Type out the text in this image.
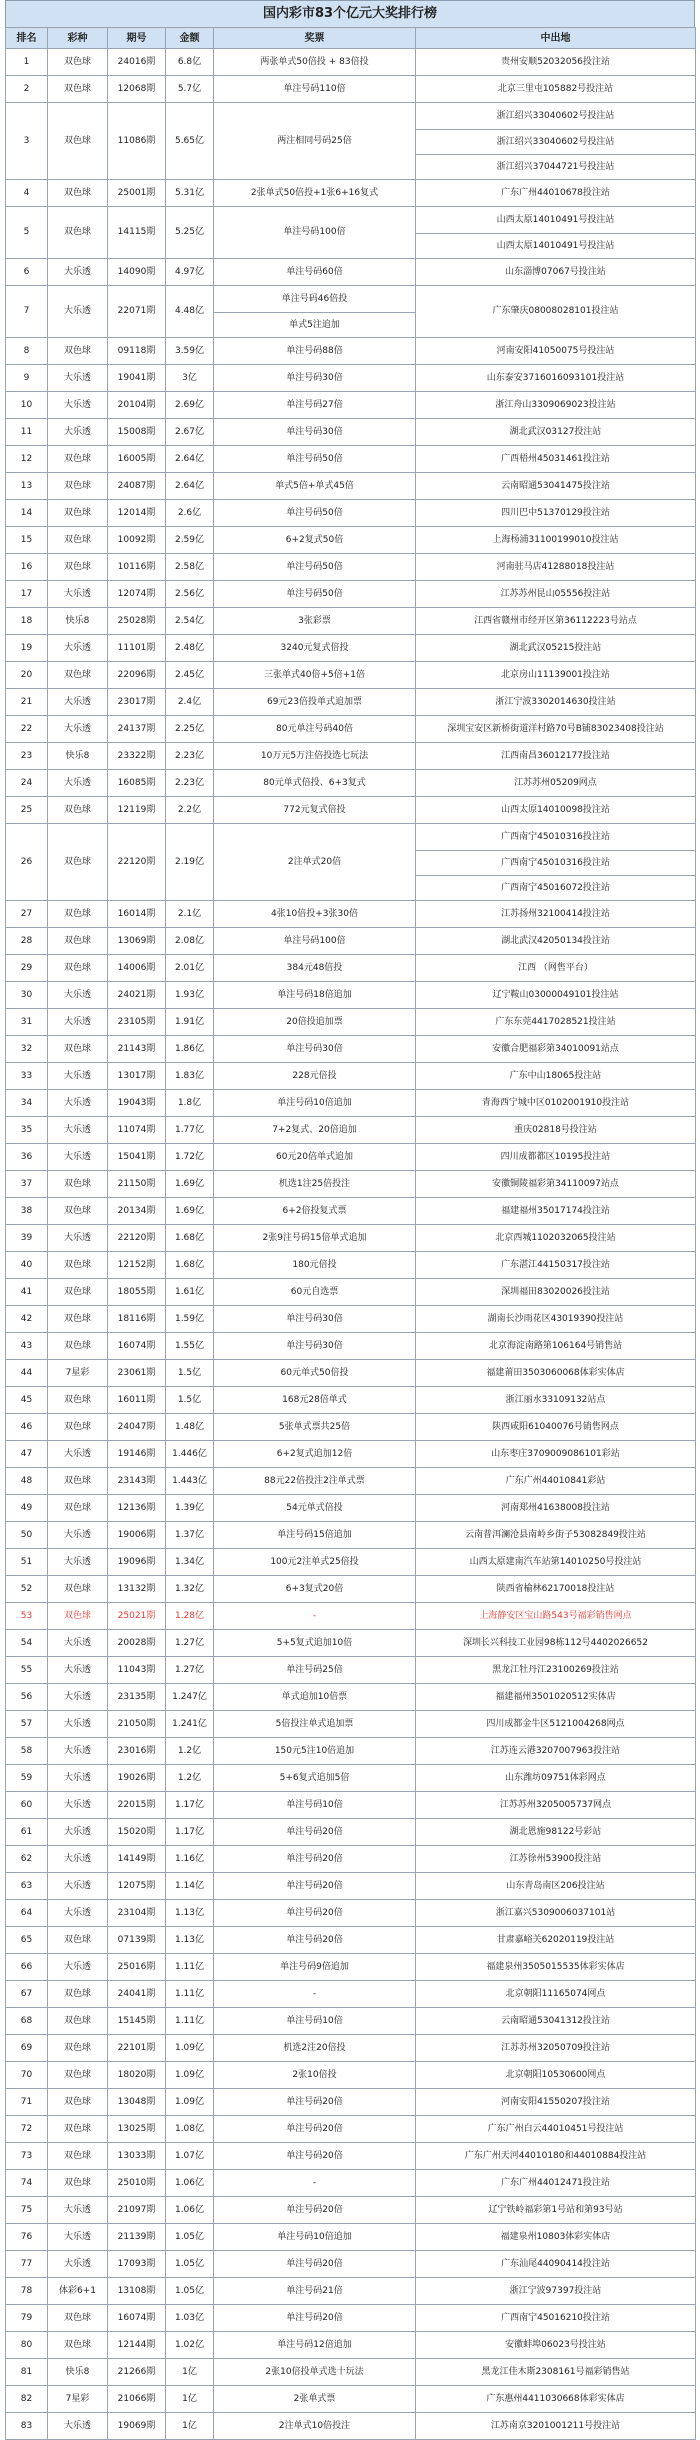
国内彩市83个亿元大奖排行榜
排名	彩种	期号	金额	奖票	中出地
1	双色球	24016期	6.8亿	两张单式50倍投 + 83倍投	贵州安顺52032056投注站
2	双色球	12068期	5.7亿	单注号码110倍	北京三里屯105882号投注站
3	双色球	11086期	5.65亿	两注相同号码25倍	浙江绍兴33040602号投注站
					浙江绍兴33040602号投注站
					浙江绍兴37044721号投注站
4	双色球	25001期	5.31亿	2张单式50倍投+1张6+16复式	广东广州44010678投注站
5	双色球	14115期	5.25亿	单注号码100倍	山西太原14010491号投注站
					山西太原14010491号投注站
6	大乐透	14090期	4.97亿	单注号码60倍	山东淄博07067号投注站
7	大乐透	22071期	4.48亿	单注号码46倍投	广东肇庆08008028101投注站
				单式5注追加	
8	双色球	09118期	3.59亿	单注号码88倍	河南安阳41050075号投注站
9	大乐透	19041期	3亿	单注号码30倍	山东泰安3716016093101投注站
10	大乐透	20104期	2.69亿	单注号码27倍	浙江舟山3309069023投注站
11	大乐透	15008期	2.67亿	单注号码30倍	湖北武汉03127投注站
12	双色球	16005期	2.64亿	单注号码50倍	广西梧州45031461投注站
13	双色球	24087期	2.64亿	单式5倍+单式45倍	云南昭通53041475投注站
14	双色球	12014期	2.6亿	单注号码50倍	四川巴中51370129投注站
15	双色球	10092期	2.59亿	6+2复式50倍	上海杨浦31100199010投注站
16	双色球	10116期	2.58亿	单注号码50倍	河南驻马店41288018投注站
17	大乐透	12074期	2.56亿	单注号码50倍	江苏苏州昆山05556投注站
18	快乐8	25028期	2.54亿	3张彩票	江西省赣州市经开区第36112223号站点
19	大乐透	11101期	2.48亿	3240元复式倍投	湖北武汉05215投注站
20	双色球	22096期	2.45亿	三张单式40倍+5倍+1倍	北京房山11139001投注站
21	大乐透	23017期	2.4亿	69元23倍投单式追加票	浙江宁波3302014630投注站
22	大乐透	24137期	2.25亿	80元单注号码40倍	深圳宝安区新桥街道洋村路70号B铺83023408投注站
23	快乐8	23322期	2.23亿	10万元5万注倍投选七玩法	江西南昌36012177投注站
24	大乐透	16085期	2.23亿	80元单式倍投、6+3复式	江苏苏州05209网点
25	双色球	12119期	2.2亿	772元复式倍投	山西太原14010098投注站
26	双色球	22120期	2.19亿	2注单式20倍	广西南宁45010316投注站
					广西南宁45010316投注站
					广西南宁45016072投注站
27	双色球	16014期	2.1亿	4张10倍投+3张30倍	江苏扬州32100414投注站
28	双色球	13069期	2.08亿	单注号码100倍	湖北武汉42050134投注站
29	双色球	14006期	2.01亿	384元48倍投	江西 （网售平台）
30	大乐透	24021期	1.93亿	单注号码18倍追加	辽宁鞍山03000049101投注站
31	大乐透	23105期	1.91亿	20倍投追加票	广东东莞4417028521投注站
32	双色球	21143期	1.86亿	单注号码30倍	安徽合肥福彩第34010091站点
33	大乐透	13017期	1.83亿	228元倍投	广东中山18065投注站
34	大乐透	19043期	1.8亿	单注号码10倍追加	青海西宁城中区0102001910投注站
35	大乐透	11074期	1.77亿	7+2复式、20倍追加	重庆02818号投注站
36	大乐透	15041期	1.72亿	60元20倍单式追加	四川成都都区10195投注站
37	双色球	21150期	1.69亿	机选1注25倍投注	安徽铜陵福彩第34110097站点
38	双色球	20134期	1.69亿	6+2倍投复式票	福建福州35017174投注站
39	大乐透	22120期	1.68亿	2张9注号码15倍单式追加	北京西城1102032065投注站
40	双色球	12152期	1.68亿	180元倍投	广东湛江44150317投注站
41	双色球	18055期	1.61亿	60元自选票	深圳福田83020026投注站
42	双色球	18116期	1.59亿	单注号码30倍	湖南长沙雨花区43019390投注站
43	双色球	16074期	1.55亿	单注号码30倍	北京海淀南路第106164号销售站
44	7星彩	23061期	1.5亿	60元单式50倍投	福建莆田3503060068体彩实体店
45	双色球	16011期	1.5亿	168元28倍单式	浙江丽水33109132站点
46	双色球	24047期	1.48亿	5张单式票共25倍	陕西咸阳61040076号销售网点
47	大乐透	19146期	1.446亿	6+2复式追加12倍	山东枣庄3709009086101彩站
48	双色球	23143期	1.443亿	88元22倍投注2注单式票	广东广州44010841彩站
49	双色球	12136期	1.39亿	54元单式倍投	河南郑州41638008投注站
50	大乐透	19006期	1.37亿	单注号码15倍追加	云南普洱澜沧县南岭乡街子53082849投注站
51	大乐透	19096期	1.34亿	100元2注单式25倍投	山西太原建南汽车站第14010250号投注站
52	双色球	13132期	1.32亿	6+3复式20倍	陕西省榆林62170018投注站
53	双色球	25021期	1.28亿	-	上海静安区宝山路543号福彩销售网点
54	大乐透	20028期	1.27亿	5+5复式追加10倍	深圳长兴科技工业园98栋112号4402026652
55	大乐透	11043期	1.27亿	单注号码25倍	黑龙江牡丹江23100269投注站
56	大乐透	23135期	1.247亿	单式追加10倍票	福建福州3501020512实体店
57	大乐透	21050期	1.241亿	5倍投注单式追加票	四川成都金牛区5121004268网点
58	大乐透	23016期	1.2亿	150元5注10倍追加	江苏连云港3207007963投注站
59	大乐透	19026期	1.2亿	5+6复式追加5倍	山东潍坊09751体彩网点
60	大乐透	22015期	1.17亿	单注号码10倍	江苏苏州3205005737网点
61	大乐透	15020期	1.17亿	单注号码20倍	湖北恩施98122号彩站
62	大乐透	14149期	1.16亿	单注号码20倍	江苏徐州53900投注站
63	大乐透	12075期	1.14亿	单注号码20倍	山东青岛南区206投注站
64	大乐透	23104期	1.13亿	单注号码20倍	浙江嘉兴5309006037101站
65	双色球	07139期	1.13亿	单注号码20倍	甘肃嘉峪关62020119投注站
66	大乐透	25016期	1.11亿	单注号码9倍追加	福建泉州3505015535体彩实体店
67	双色球	24041期	1.11亿	-	北京朝阳11165074网点
68	双色球	15145期	1.11亿	单注号码10倍	云南昭通53041312投注站
69	双色球	22101期	1.09亿	机选2注20倍投	江苏苏州32050709投注站
70	双色球	18020期	1.09亿	2张10倍投	北京朝阳10530600网点
71	双色球	13048期	1.09亿	单注号码20倍	河南安阳41550207投注站
72	双色球	13025期	1.08亿	单注号码20倍	广东广州白云44010451号投注站
73	双色球	13033期	1.07亿	单注号码20倍	广东广州天河44010180和44010884投注站
74	双色球	25010期	1.06亿	-	广东广州44012471投注站
75	大乐透	21097期	1.06亿	单注号码20倍	辽宁铁岭福彩第1号站和第93号站
76	大乐透	21139期	1.05亿	单注号码10倍追加	福建泉州10803体彩实体店
77	大乐透	17093期	1.05亿	单注号码20倍	广东汕尾44090414投注站
78	体彩6+1	13108期	1.05亿	单注号码21倍	浙江宁波97397投注站
79	双色球	16074期	1.03亿	单注号码20倍	广西南宁45016210投注站
80	双色球	12144期	1.02亿	单注号码12倍追加	安徽蚌埠06023号投注站
81	快乐8	21266期	1亿	2张10倍投单式选十玩法	黑龙江佳木斯2308161号福彩销售站
82	7星彩	21066期	1亿	2张单式票	广东惠州4411030668体彩实体店
83	大乐透	19069期	1亿	2注单式10倍投注	江苏南京3201001211号投注站
